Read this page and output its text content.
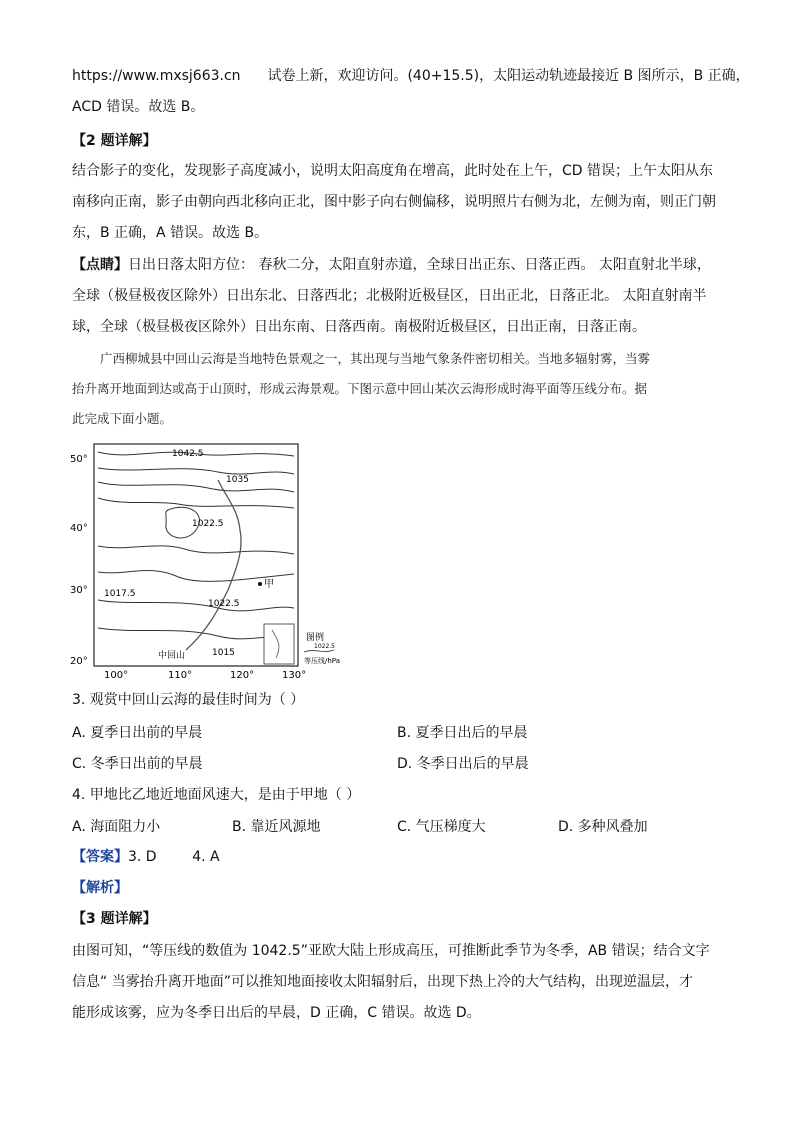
https://www.mxsj663.cn 试卷上新，欢迎访问。(40+15.5)，太阳运动轨迹最接近 B 图所示，B 正确，
ACD 错误。故选 B。
【2 题详解】
结合影子的变化，发现影子高度减小，说明太阳高度角在增高，此时处在上午，CD 错误；上午太阳从东
南移向正南，影子由朝向西北移向正北，图中影子向右侧偏移，说明照片右侧为北，左侧为南，则正门朝
东，B 正确，A 错误。故选 B。
【点睛】日出日落太阳方位： 春秋二分，太阳直射赤道，全球日出正东、日落正西。 太阳直射北半球，
全球（极昼极夜区除外）日出东北、日落西北；北极附近极昼区，日出正北，日落正北。 太阳直射南半
球，全球（极昼极夜区除外）日出东南、日落西南。南极附近极昼区，日出正南，日落正南。
广西柳城县中回山云海是当地特色景观之一，其出现与当地气象条件密切相关。当地多辐射雾，当雾
抬升离开地面到达或高于山顶时，形成云海景观。下图示意中回山某次云海形成时海平面等压线分布。据
此完成下面小题。
50°
40°
30°
20°
100°	110°	120°	130°
1042.5
1035
1022.5
1017.5
1022.5
1015
甲
中回山
图例
1022.5
等压线/hPa
3. 观赏中回山云海的最佳时间为（ ）
A. 夏季日出前的早晨	B. 夏季日出后的早晨
C. 冬季日出前的早晨	D. 冬季日出后的早晨
4. 甲地比乙地近地面风速大，是由于甲地（ ）
A. 海面阻力小	B. 靠近风源地	C. 气压梯度大	D. 多种风叠加
【答案】3. D        4. A
【解析】
【3 题详解】
由图可知，“等压线的数值为 1042.5”亚欧大陆上形成高压，可推断此季节为冬季，AB 错误；结合文字
信息“ 当雾抬升离开地面”可以推知地面接收太阳辐射后，出现下热上冷的大气结构，出现逆温层，才
能形成该雾，应为冬季日出后的早晨，D 正确，C 错误。故选 D。
